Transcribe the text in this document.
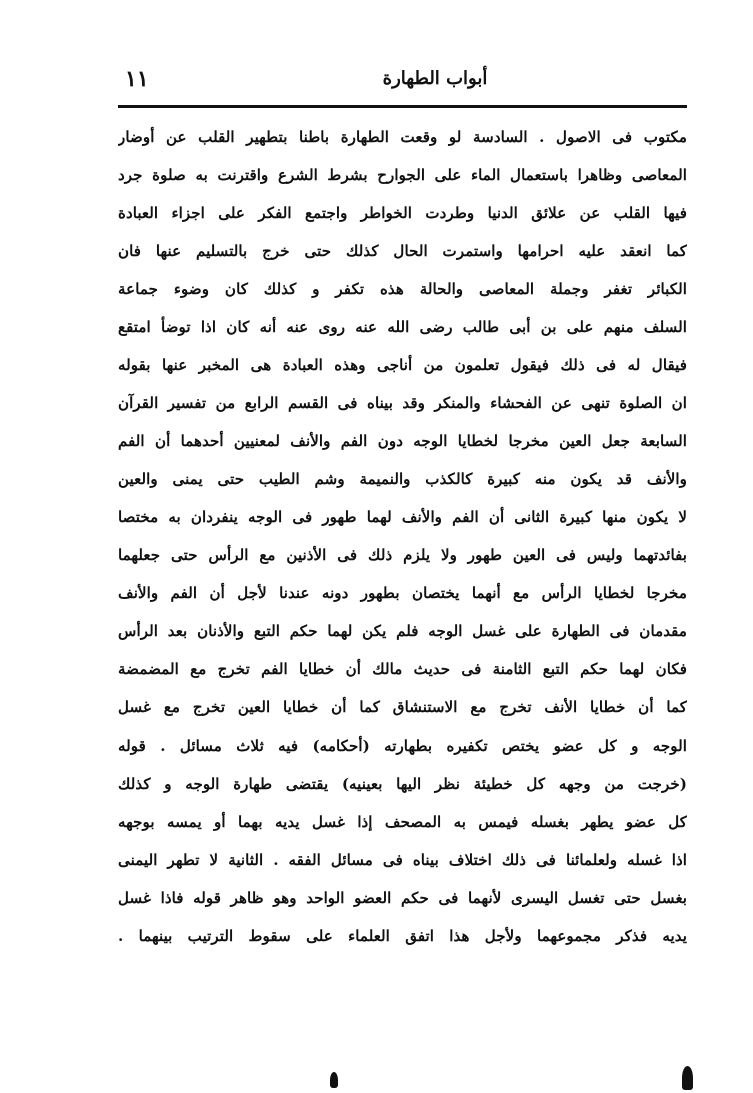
١١	أبواب الطهارة
مكتوب فى الاصول . السادسة لو وقعت الطهارة باطنا بتطهير القلب عن أوضار
المعاصى وظاهرا باستعمال الماء على الجوارح بشرط الشرع واقترنت به صلوة جرد
فيها القلب عن علائق الدنيا وطردت الخواطر واجتمع الفكر على اجزاء العبادة
كما انعقد عليه احرامها واستمرت الحال كذلك حتى خرج بالتسليم عنها فان
الكبائر تغفر وجملة المعاصى والحالة هذه تكفر و كذلك كان وضوء جماعة
السلف منهم على بن أبى طالب رضى الله عنه روى عنه أنه كان اذا توضأ امتقع
فيقال له فى ذلك فيقول تعلمون من أناجى وهذه العبادة هى المخبر عنها بقوله
ان الصلوة تنهى عن الفحشاء والمنكر وقد بيناه فى القسم الرابع من تفسير القرآن
السابعة جعل العين مخرجا لخطايا الوجه دون الفم والأنف لمعنيين أحدهما أن الفم
والأنف قد يكون منه كبيرة كالكذب والنميمة وشم الطيب حتى يمنى والعين
لا يكون منها كبيرة الثانى أن الفم والأنف لهما طهور فى الوجه ينفردان به مختصا
بفائدتهما وليس فى العين طهور ولا يلزم ذلك فى الأذنين مع الرأس حتى جعلهما
مخرجا لخطايا الرأس مع أنهما يختصان بطهور دونه عندنا لأجل أن الفم والأنف
مقدمان فى الطهارة على غسل الوجه فلم يكن لهما حكم التبع والأذنان بعد الرأس
فكان لهما حكم التبع الثامنة فى حديث مالك أن خطايا الفم تخرج مع المضمضة
كما أن خطايا الأنف تخرج مع الاستنشاق كما أن خطايا العين تخرج مع غسل
الوجه و كل عضو يختص تكفيره بطهارته (أحكامه) فيه ثلاث مسائل . قوله
(خرجت من وجهه كل خطيئة نظر اليها بعينيه) يقتضى طهارة الوجه و كذلك
كل عضو يطهر بغسله فيمس به المصحف إذا غسل يديه بهما أو يمسه بوجهه
اذا غسله ولعلمائنا فى ذلك اختلاف بيناه فى مسائل الفقه . الثانية لا تطهر اليمنى
بغسل حتى تغسل اليسرى لأنهما فى حكم العضو الواحد وهو ظاهر قوله فاذا غسل
يديه فذكر مجموعهما ولأجل هذا اتفق العلماء على سقوط الترتيب بينهما .
